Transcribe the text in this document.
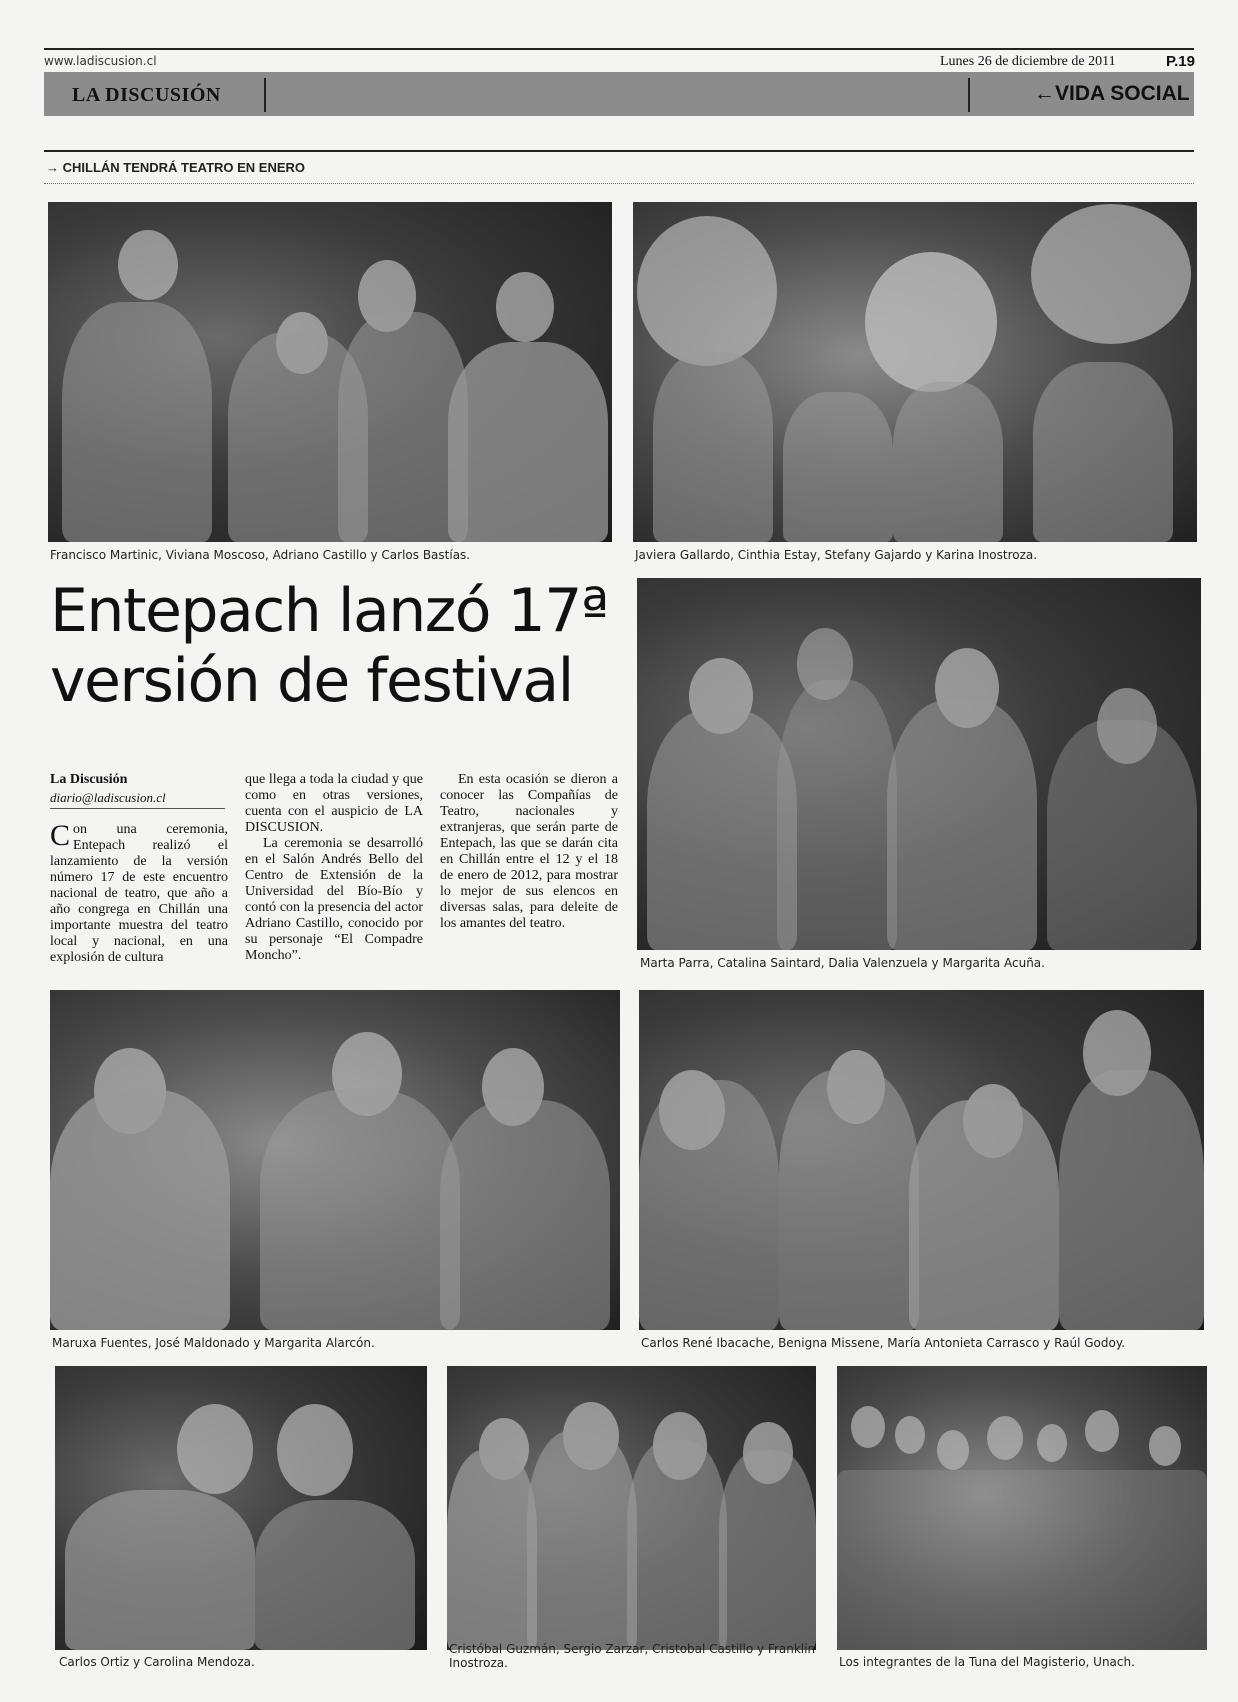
www.ladiscusion.cl	Lunes 26 de diciembre de 2011	P.19
LA DISCUSIÓN	←VIDA SOCIAL
→ CHILLÁN TENDRÁ TEATRO EN ENERO
Francisco Martinic, Viviana Moscoso, Adriano Castillo y Carlos Bastías.	Javiera Gallardo, Cinthia Estay, Stefany Gajardo y Karina Inostroza.
Entepach lanzó 17ª
versión de festival
La Discusión
diario@ladiscusion.cl

Con una ceremonia, Entepach realizó el lanzamiento de la versión número 17 de este encuentro nacional de teatro, que año a año congrega en Chillán una importante muestra del teatro local y nacional, en una explosión de cultura

que llega a toda la ciudad y que como en otras versiones, cuenta con el auspicio de LA DISCUSION.

La ceremonia se desarrolló en el Salón Andrés Bello del Centro de Extensión de la Universidad del Bío-Bío y contó con la presencia del actor Adriano Castillo, conocido por su personaje “El Compadre Moncho”.

En esta ocasión se dieron a conocer las Compañías de Teatro, nacionales y extranjeras, que serán parte de Entepach, las que se darán cita en Chillán entre el 12 y el 18 de enero de 2012, para mostrar lo mejor de sus elencos en diversas salas, para deleite de los amantes del teatro.

Marta Parra, Catalina Saintard, Dalia Valenzuela y Margarita Acuña.
Maruxa Fuentes, José Maldonado y Margarita Alarcón.	Carlos René Ibacache, Benigna Missene, María Antonieta Carrasco y Raúl Godoy.
Carlos Ortiz y Carolina Mendoza.
Cristóbal Guzmán, Sergio Zarzar, Cristobal Castillo y Franklin Inostroza.	Los integrantes de la Tuna del Magisterio, Unach.
